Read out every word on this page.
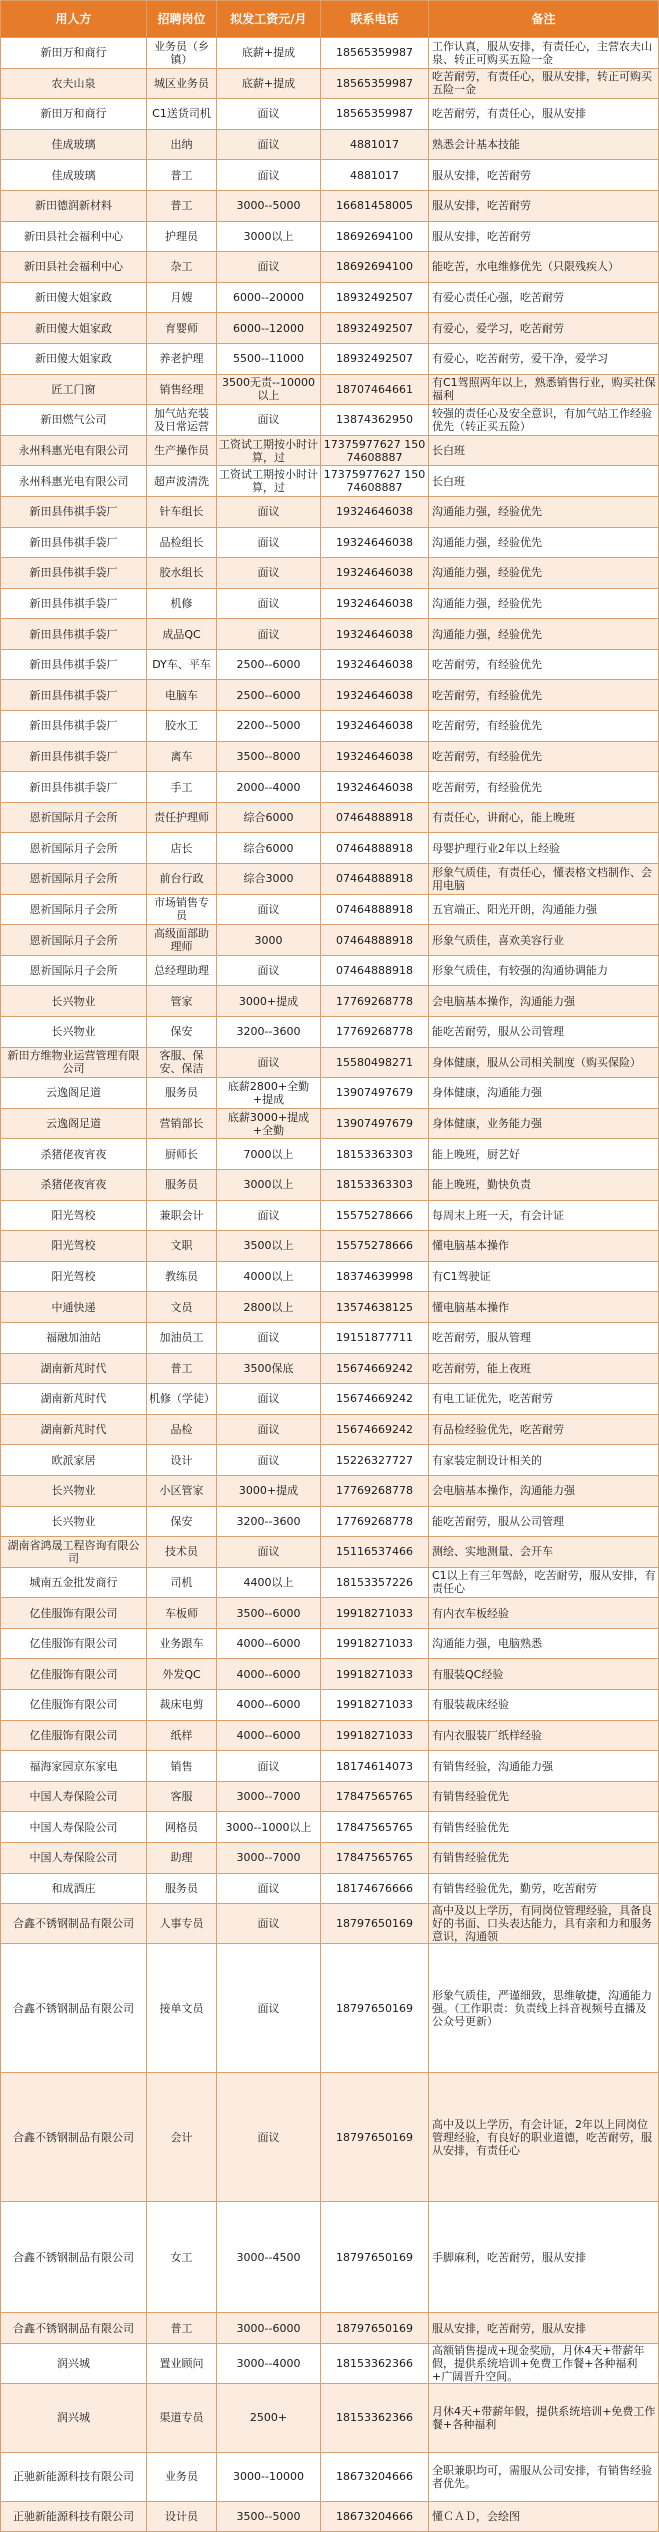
用人方	招聘岗位	拟发工资元/月	联系电话	备注
新田万和商行	业务员（乡镇）	底薪+提成	18565359987	工作认真，服从安排，有责任心，主营农夫山泉、转正可购买五险一金
农夫山泉	城区业务员	底薪+提成	18565359987	吃苦耐劳，有责任心，服从安排，转正可购买五险一金
新田万和商行	C1送货司机	面议	18565359987	吃苦耐劳，有责任心，服从安排
佳成玻璃	出纳	面议	4881017	熟悉会计基本技能
佳成玻璃	普工	面议	4881017	服从安排，吃苦耐劳
新田德润新材料	普工	3000--5000	16681458005	服从安排，吃苦耐劳
新田县社会福利中心	护理员	3000以上	18692694100	服从安排，吃苦耐劳
新田县社会福利中心	杂工	面议	18692694100	能吃苦，水电维修优先（只限残疾人）
新田傻大姐家政	月嫂	6000--20000	18932492507	有爱心责任心强，吃苦耐劳
新田傻大姐家政	育婴师	6000--12000	18932492507	有爱心，爱学习，吃苦耐劳
新田傻大姐家政	养老护理	5500--11000	18932492507	有爱心，吃苦耐劳，爱干净，爱学习
匠工门窗	销售经理	3500无责--10000以上	18707464661	有C1驾照两年以上，熟悉销售行业，购买社保福利
新田燃气公司	加气站充装及日常运营	面议	13874362950	较强的责任心及安全意识，有加气站工作经验优先（转正买五险）
永州科惠光电有限公司	生产操作员	工资试工期按小时计算，过	17375977627 15074608887	长白班
永州科惠光电有限公司	超声波清洗	工资试工期按小时计算，过	17375977627 15074608887	长白班
新田县伟祺手袋厂	针车组长	面议	19324646038	沟通能力强，经验优先
新田县伟祺手袋厂	品检组长	面议	19324646038	沟通能力强，经验优先
新田县伟祺手袋厂	胶水组长	面议	19324646038	沟通能力强，经验优先
新田县伟祺手袋厂	机修	面议	19324646038	沟通能力强，经验优先
新田县伟祺手袋厂	成品QC	面议	19324646038	沟通能力强，经验优先
新田县伟祺手袋厂	DY车、平车	2500--6000	19324646038	吃苦耐劳，有经验优先
新田县伟祺手袋厂	电脑车	2500--6000	19324646038	吃苦耐劳，有经验优先
新田县伟祺手袋厂	胶水工	2200--5000	19324646038	吃苦耐劳，有经验优先
新田县伟祺手袋厂	离车	3500--8000	19324646038	吃苦耐劳，有经验优先
新田县伟祺手袋厂	手工	2000--4000	19324646038	吃苦耐劳，有经验优先
恩祈国际月子会所	责任护理师	综合6000	07464888918	有责任心，讲耐心，能上晚班
恩祈国际月子会所	店长	综合6000	07464888918	母婴护理行业2年以上经验
恩祈国际月子会所	前台行政	综合3000	07464888918	形象气质佳，有责任心，懂表格文档制作、会用电脑
恩祈国际月子会所	市场销售专员	面议	07464888918	五官端正、阳光开朗，沟通能力强
恩祈国际月子会所	高级面部助理师	3000	07464888918	形象气质佳，喜欢美容行业
恩祈国际月子会所	总经理助理	面议	07464888918	形象气质佳，有较强的沟通协调能力
长兴物业	管家	3000+提成	17769268778	会电脑基本操作，沟通能力强
长兴物业	保安	3200--3600	17769268778	能吃苦耐劳，服从公司管理
新田方维物业运营管理有限公司	客服、保安、保洁	面议	15580498271	身体健康，服从公司相关制度（购买保险）
云逸阁足道	服务员	底薪2800+全勤+提成	13907497679	身体健康，沟通能力强
云逸阁足道	营销部长	底薪3000+提成+全勤	13907497679	身体健康，业务能力强
杀猪佬夜宵夜	厨师长	7000以上	18153363303	能上晚班，厨艺好
杀猪佬夜宵夜	服务员	3000以上	18153363303	能上晚班，勤快负责
阳光驾校	兼职会计	面议	15575278666	每周末上班一天，有会计证
阳光驾校	文职	3500以上	15575278666	懂电脑基本操作
阳光驾校	教练员	4000以上	18374639998	有C1驾驶证
中通快递	文员	2800以上	13574638125	懂电脑基本操作
福融加油站	加油员工	面议	19151877711	吃苦耐劳，服从管理
湖南新芃时代	普工	3500保底	15674669242	吃苦耐劳，能上夜班
湖南新芃时代	机修（学徒）	面议	15674669242	有电工证优先，吃苦耐劳
湖南新芃时代	品检	面议	15674669242	有品检经验优先，吃苦耐劳
欧派家居	设计	面议	15226327727	有家装定制设计相关的
长兴物业	小区管家	3000+提成	17769268778	会电脑基本操作，沟通能力强
长兴物业	保安	3200--3600	17769268778	能吃苦耐劳，服从公司管理
湖南省鸿晟工程咨询有限公司	技术员	面议	15116537466	测绘、实地测量、会开车
城南五金批发商行	司机	4400以上	18153357226	C1以上有三年驾龄，吃苦耐劳，服从安排，有责任心
亿佳服饰有限公司	车板师	3500--6000	19918271033	有内衣车板经验
亿佳服饰有限公司	业务跟车	4000--6000	19918271033	沟通能力强，电脑熟悉
亿佳服饰有限公司	外发QC	4000--6000	19918271033	有服装QC经验
亿佳服饰有限公司	裁床电剪	4000--6000	19918271033	有服装裁床经验
亿佳服饰有限公司	纸样	4000--6000	19918271033	有内衣服装厂纸样经验
福海家园京东家电	销售	面议	18174614073	有销售经验，沟通能力强
中国人寿保险公司	客服	3000--7000	17847565765	有销售经验优先
中国人寿保险公司	网格员	3000--1000以上	17847565765	有销售经验优先
中国人寿保险公司	助理	3000--7000	17847565765	有销售经验优先
和成酒庄	服务员	面议	18174676666	有销售经验优先，勤劳，吃苦耐劳
合鑫不锈钢制品有限公司	人事专员	面议	18797650169	高中及以上学历，有同岗位管理经验，具备良好的书面、口头表达能力，具有亲和力和服务意识，沟通领
合鑫不锈钢制品有限公司	接单文员	面议	18797650169	形象气质佳，严谨细致，思维敏捷，沟通能力强。（工作职责：负责线上抖音视频号直播及公众号更新）
合鑫不锈钢制品有限公司	会计	面议	18797650169	高中及以上学历，有会计证，2年以上同岗位管理经验，有良好的职业道德，吃苦耐劳，服从安排，有责任心
合鑫不锈钢制品有限公司	女工	3000--4500	18797650169	手脚麻利，吃苦耐劳，服从安排
合鑫不锈钢制品有限公司	普工	3000--6000	18797650169	服从安排，吃苦耐劳，服从安排
润兴城	置业顾问	3000--4000	18153362366	高额销售提成+现金奖励，月休4天+带薪年假，提供系统培训+免费工作餐+各种福利+广阔晋升空间。
润兴城	渠道专员	2500+	18153362366	月休4天+带薪年假，提供系统培训+免费工作餐+各种福利
正驰新能源科技有限公司	业务员	3000--10000	18673204666	全职兼职均可，需服从公司安排，有销售经验者优先。
正驰新能源科技有限公司	设计员	3500--5000	18673204666	懂ＣＡＤ，会绘图
